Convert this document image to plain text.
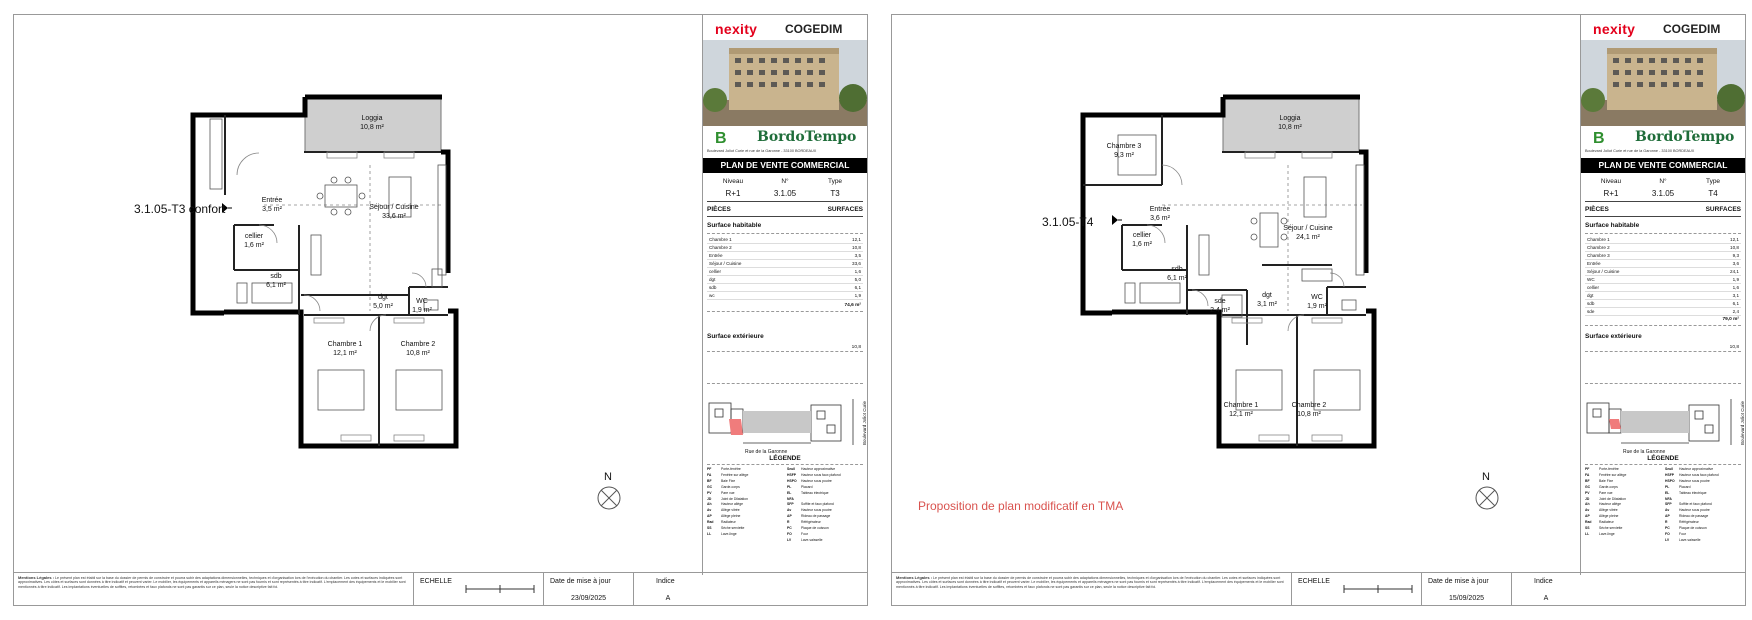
3.1.05-T3 confort
Loggia
10,8 m²
Entrée
3,5 m²	Séjour / Cuisine
33,6 m²
cellier
1,6 m²
sdb
6,1 m²
dgt
5,0 m²
WC
1,9 m²
Chambre 1
12,1 m²
Chambre 2
10,8 m²
N
nexity COGEDIM
B BordoTempo
Boulevard Joliot Curie et rue de la Garonne - 33100 BORDEAUX
PLAN DE VENTE COMMERCIAL
Niveau	N°	Type
R+1	3.1.05	T3
PIÈCES	SURFACES
Surface habitable
Chambre 1	12,1
Chambre 2	10,8
Entrée	3,5
Séjour / Cuisine	33,6
cellier	1,6
dgt	5,0
sdb	6,1
wc	1,9
74,6 m²
Surface extérieure
10,8
Rue de la Garonne
Boulevard Joliot Curie
LÉGENDE
PF	Porte-fenêtre
FA	Fenêtre sur allège
BF	Baie Fixe
GC	Garde-corps
PV	Pare vue
JD	Joint de Dilatation
Ah	Hauteur allège
Av	Allège vitrée
AP	Allège pleine
Rad Radiateur
SS	Sèche serviette
LL	Lave-linge
Seuil Hauteur approximative
HSFP Hauteur sous faux plafond
HSPO Hauteur sous poutre
PL	Placard
EL	Tableau électrique
NFA
SFP Soffite et faux plafond
Av	Hauteur sous poutre
AP	Rideau de passage
R	Réfrigérateur
PC	Plaque de cuisson
FO	Four
LV	Lave-vaisselle
Mentions Légales : Le présent plan est établi sur la base du dossier de permis de construire et pourra subir des adaptations dimensionnelles, techniques et d'organisation lors de l'exécution du chantier. Les cotes et surfaces indiquées sont approximatives. Les côtes et surfaces sont données à titre indicatif et peuvent varier. Le mobilier, les équipements et appareils ménagers ne sont pas fournis et sont représentés à titre indicatif. L'emplacement des équipements et le mobilier sont mentionnés à titre indicatif. Les implantations éventuelles de soffites, retombées et faux plafonds ne sont pas garantis sur ce plan, seule la notice descriptive fait foi.
ECHELLE	Date de mise à jour
23/09/2025
Indice
A
3.1.05-T4
Proposition de plan modificatif en TMA
Loggia
10,8 m²
Chambre 3
9,3 m²
Entrée
3,6 m²
Séjour / Cuisine
24,1 m²
cellier
1,6 m²
sdb
6,1 m²
dgt
3,1 m²
sde
2,4 m²
WC
1,9 m²
Chambre 1
12,1 m²
Chambre 2
10,8 m²
N
nexity COGEDIM
B BordoTempo
Boulevard Joliot Curie et rue de la Garonne - 33100 BORDEAUX
PLAN DE VENTE COMMERCIAL
Niveau	N°	Type
R+1	3.1.05	T4
PIÈCES	SURFACES
Surface habitable
Chambre 1	12,1
Chambre 2	10,8
Chambre 3	9,3
Entrée	3,6
Séjour / Cuisine	24,1
WC	1,9
cellier	1,6
dgt	3,1
sdb	6,1
sde	2,4
79,0 m²
Surface extérieure
10,8
Rue de la Garonne
Boulevard Joliot Curie
LÉGENDE
PF	Porte-fenêtre
FA	Fenêtre sur allège
BF	Baie Fixe
GC	Garde-corps
PV	Pare vue
JD	Joint de Dilatation
Ah	Hauteur allège
Av	Allège vitrée
AP	Allège pleine
Rad Radiateur
SS	Sèche serviette
LL	Lave-linge
Seuil Hauteur approximative
HSFP Hauteur sous faux plafond
HSPO Hauteur sous poutre
PL	Placard
EL	Tableau électrique
NFA
SFP Soffite et faux plafond
Av	Hauteur sous poutre
AP	Rideau de passage
R	Réfrigérateur
PC	Plaque de cuisson
FO	Four
LV	Lave-vaisselle
Mentions Légales : Le présent plan est établi sur la base du dossier de permis de construire et pourra subir des adaptations dimensionnelles, techniques et d'organisation lors de l'exécution du chantier. Les cotes et surfaces indiquées sont approximatives. Les côtes et surfaces sont données à titre indicatif et peuvent varier. Le mobilier, les équipements et appareils ménagers ne sont pas fournis et sont représentés à titre indicatif. L'emplacement des équipements et le mobilier sont mentionnés à titre indicatif. Les implantations éventuelles de soffites, retombées et faux plafonds ne sont pas garantis sur ce plan, seule la notice descriptive fait foi.
ECHELLE	Date de mise à jour
15/09/2025
Indice
A
